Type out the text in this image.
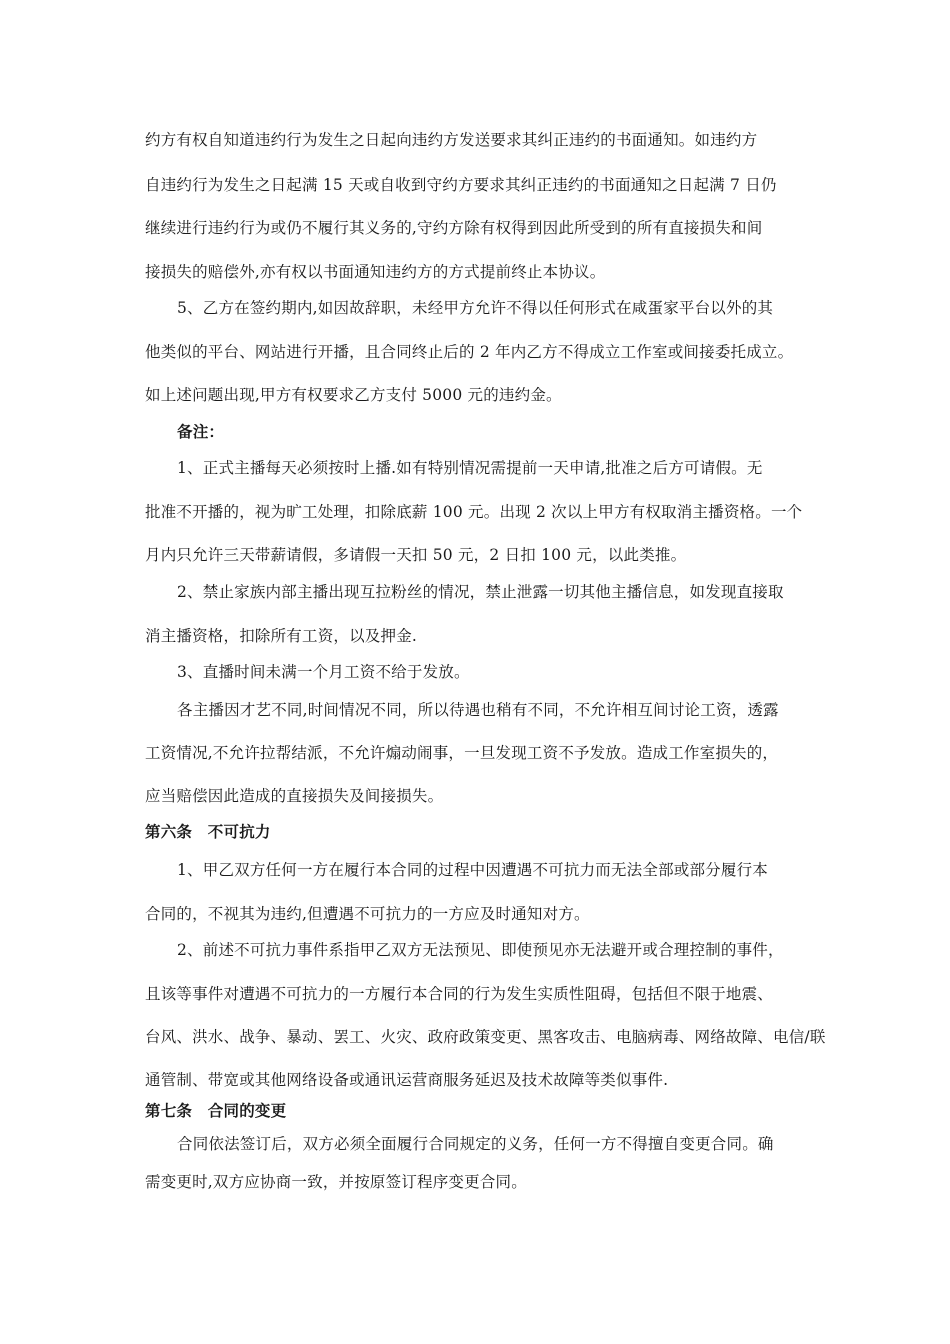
约方有权自知道违约行为发生之日起向违约方发送要求其纠正违约的书面通知。如违约方
自违约行为发生之日起满 15 天或自收到守约方要求其纠正违约的书面通知之日起满 7 日仍
继续进行违约行为或仍不履行其义务的,守约方除有权得到因此所受到的所有直接损失和间
接损失的赔偿外,亦有权以书面通知违约方的方式提前终止本协议。
5、乙方在签约期内,如因故辞职，未经甲方允许不得以任何形式在咸蛋家平台以外的其
他类似的平台、网站进行开播，且合同终止后的 2 年内乙方不得成立工作室或间接委托成立。
如上述问题出现,甲方有权要求乙方支付 5000 元的违约金。
备注：
1、正式主播每天必须按时上播.如有特别情况需提前一天申请,批准之后方可请假。无
批准不开播的，视为旷工处理，扣除底薪 100 元。出现 2 次以上甲方有权取消主播资格。一个
月内只允许三天带薪请假，多请假一天扣 50 元，2 日扣 100 元，以此类推。
2、禁止家族内部主播出现互拉粉丝的情况，禁止泄露一切其他主播信息，如发现直接取
消主播资格，扣除所有工资，以及押金.
3、直播时间未满一个月工资不给于发放。
各主播因才艺不同,时间情况不同，所以待遇也稍有不同，不允许相互间讨论工资，透露
工资情况,不允许拉帮结派，不允许煽动闹事，一旦发现工资不予发放。造成工作室损失的，
应当赔偿因此造成的直接损失及间接损失。
第六条　不可抗力
1、甲乙双方任何一方在履行本合同的过程中因遭遇不可抗力而无法全部或部分履行本
合同的，不视其为违约,但遭遇不可抗力的一方应及时通知对方。
2、前述不可抗力事件系指甲乙双方无法预见、即使预见亦无法避开或合理控制的事件，
且该等事件对遭遇不可抗力的一方履行本合同的行为发生实质性阻碍，包括但不限于地震、
台风、洪水、战争、暴动、罢工、火灾、政府政策变更、黑客攻击、电脑病毒、网络故障、电信/联
通管制、带宽或其他网络设备或通讯运营商服务延迟及技术故障等类似事件.
第七条　合同的变更
合同依法签订后，双方必须全面履行合同规定的义务，任何一方不得擅自变更合同。确
需变更时,双方应协商一致，并按原签订程序变更合同。
